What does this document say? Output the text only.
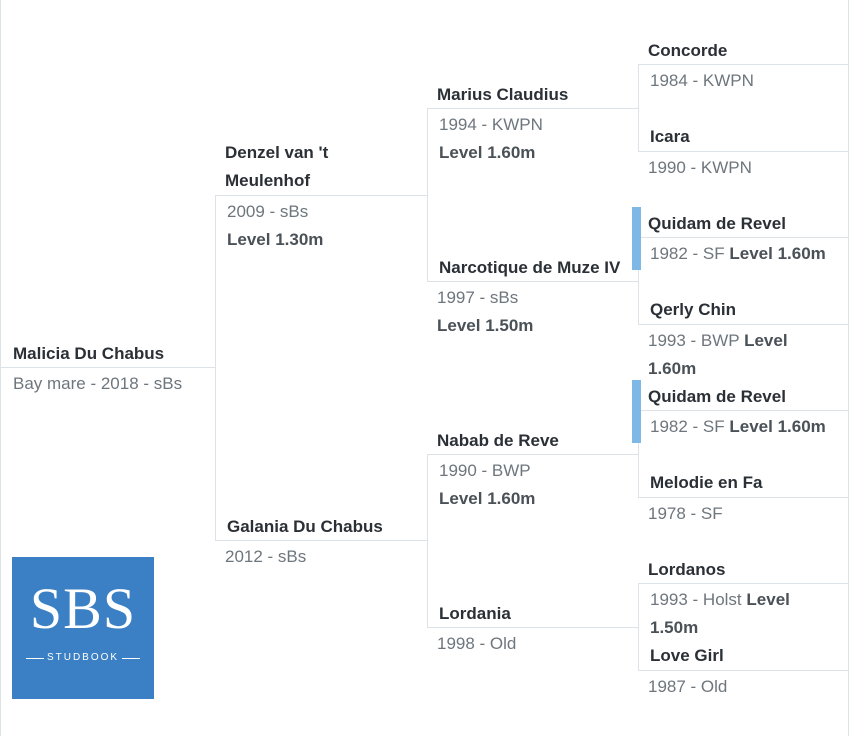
Malicia Du Chabus
Bay mare - 2018 - sBs
Denzel van 't
Meulenhof
2009 - sBs
Level 1.30m
Galania Du Chabus
2012 - sBs
Marius Claudius
1994 - KWPN
Level 1.60m
Narcotique de Muze IV
1997 - sBs
Level 1.50m
Nabab de Reve
1990 - BWP
Level 1.60m
Lordania
1998 - Old
Concorde
1984 - KWPN
Icara
1990 - KWPN
Quidam de Revel
1982 - SF Level 1.60m
Qerly Chin
1993 - BWP Level
1.60m
Quidam de Revel
1982 - SF Level 1.60m
Melodie en Fa
1978 - SF
Lordanos
1993 - Holst Level
1.50m
Love Girl
1987 - Old
SBS
STUDBOOK
